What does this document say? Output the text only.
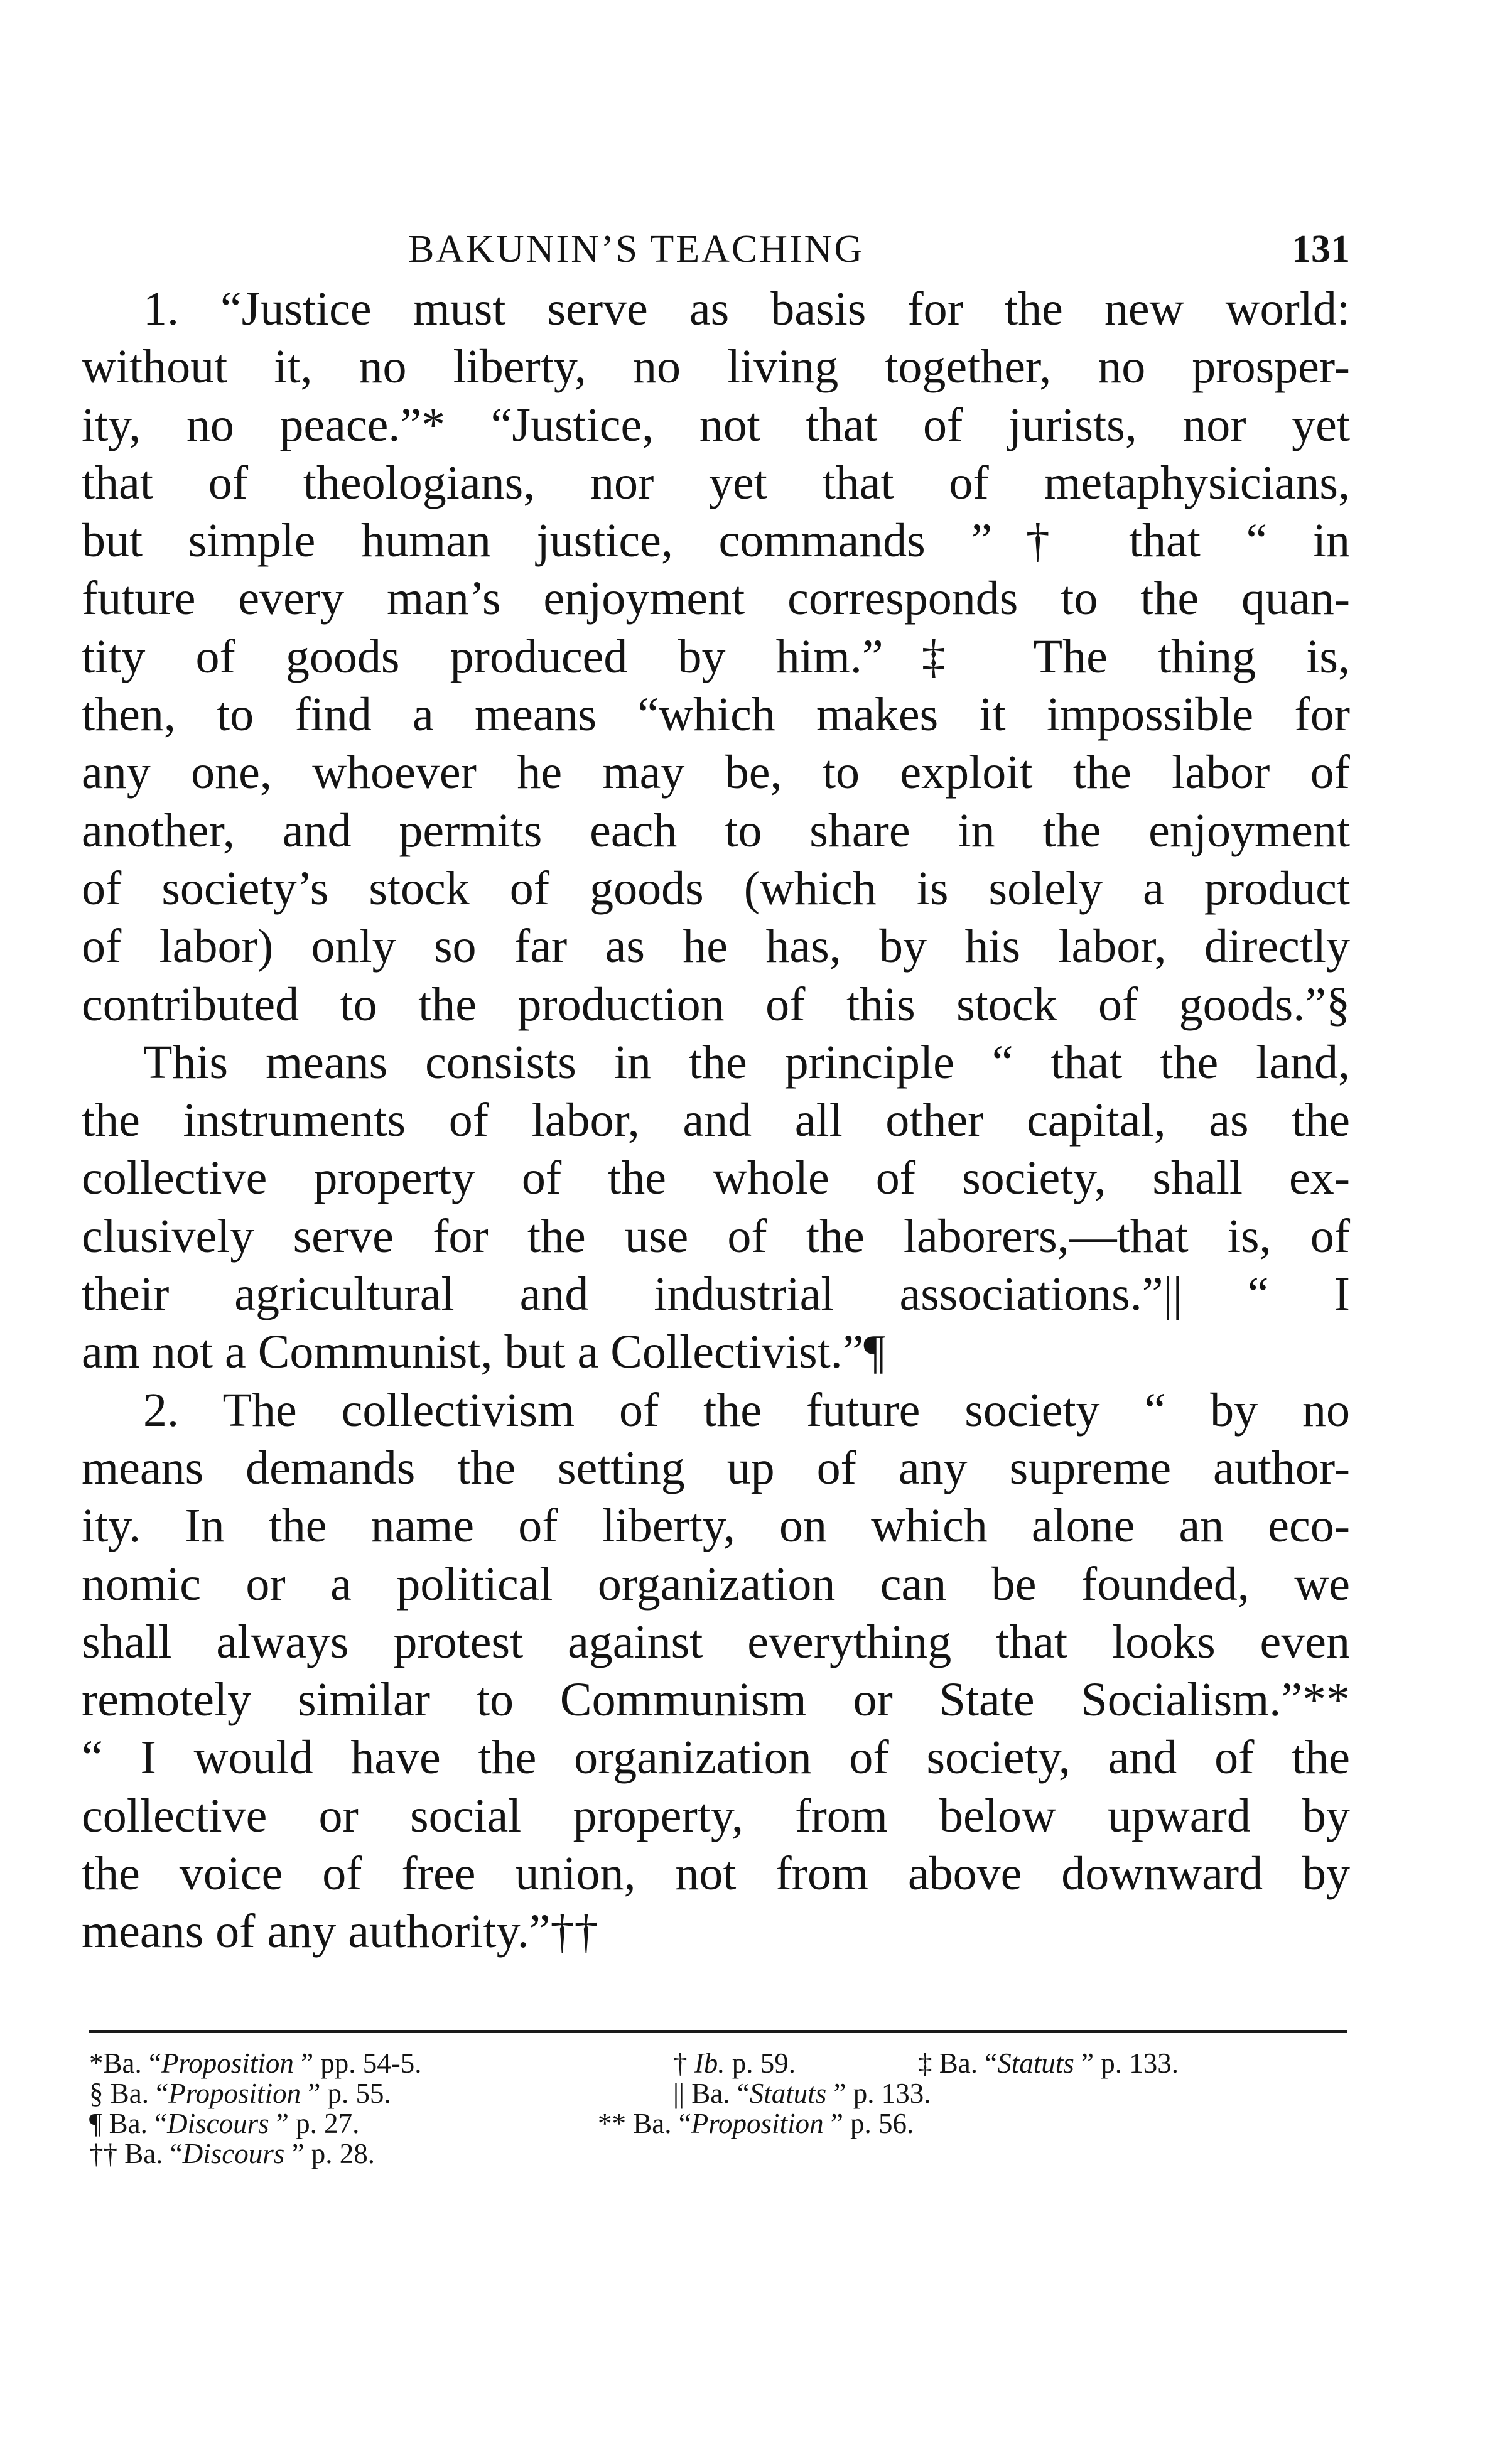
BAKUNIN’S TEACHING	131
1. “Justice must serve as basis for the new world:
without it, no liberty, no living together, no prosper-
ity, no peace.”* “Justice, not that of jurists, nor yet
that of theologians, nor yet that of metaphysicians,
but simple human justice, commands ”† that “ in
future every man’s enjoyment corresponds to the quan-
tity of goods produced by him.”‡ The thing is,
then, to find a means “which makes it impossible for
any one, whoever he may be, to exploit the labor of
another, and permits each to share in the enjoyment
of society’s stock of goods (which is solely a product
of labor) only so far as he has, by his labor, directly
contributed to the production of this stock of goods.”§
This means consists in the principle “ that the land,
the instruments of labor, and all other capital, as the
collective property of the whole of society, shall ex-
clusively serve for the use of the laborers,—that is, of
their agricultural and industrial associations.”|| “ I
am not a Communist, but a Collectivist.”¶
2. The collectivism of the future society “ by no
means demands the setting up of any supreme author-
ity. In the name of liberty, on which alone an eco-
nomic or a political organization can be founded, we
shall always protest against everything that looks even
remotely similar to Communism or State Socialism.”**
“ I would have the organization of society, and of the
collective or social property, from below upward by
the voice of free union, not from above downward by
means of any authority.”††
*Ba. “Proposition ” pp. 54-5.	† Ib. p. 59.	‡ Ba. “Statuts ” p. 133.
§ Ba. “Proposition ” p. 55.	|| Ba. “Statuts ” p. 133.
¶ Ba. “Discours ” p. 27.	** Ba. “Proposition ” p. 56.
†† Ba. “Discours ” p. 28.
